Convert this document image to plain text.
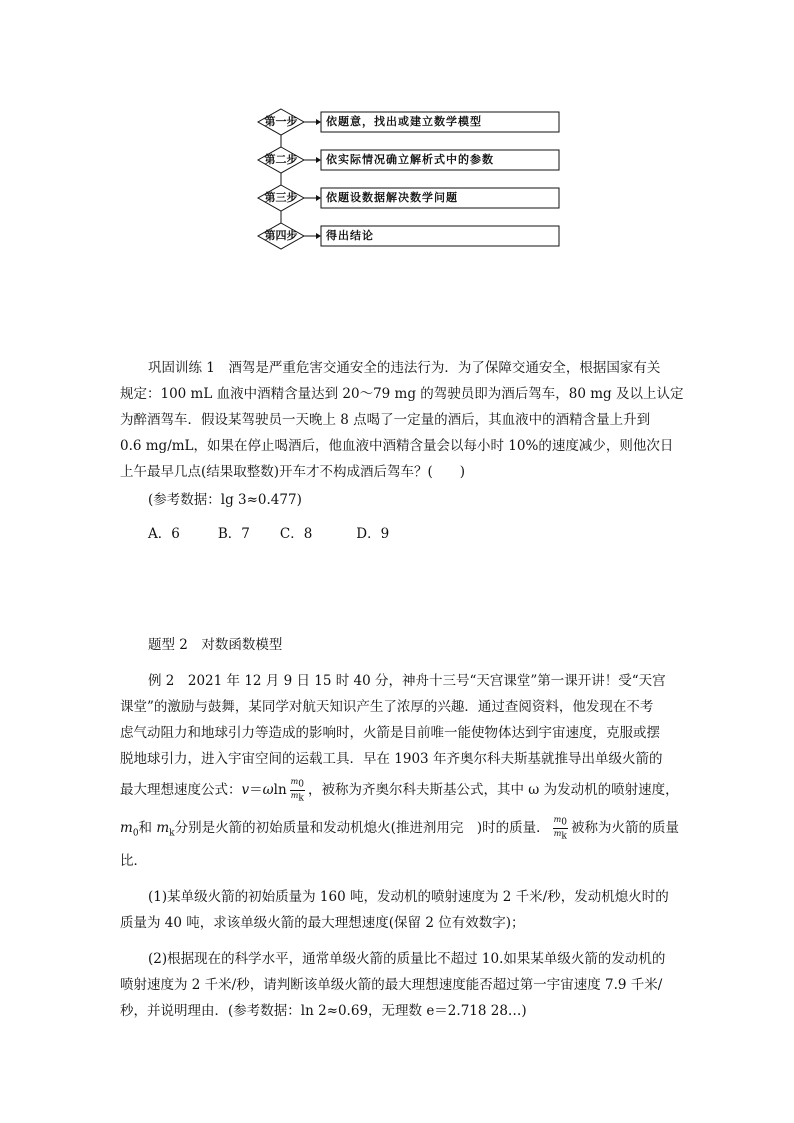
第一步	依题意，找出或建立数学模型
第二步	依实际情况确立解析式中的参数
第三步	依题设数据解决数学问题
第四步	得出结论
巩固训练 1　酒驾是严重危害交通安全的违法行为．为了保障交通安全，根据国家有关
规定：100 mL 血液中酒精含量达到 20～79 mg 的驾驶员即为酒后驾车，80 mg 及以上认定
为醉酒驾车．假设某驾驶员一天晚上 8 点喝了一定量的酒后，其血液中的酒精含量上升到
0.6 mg/mL，如果在停止喝酒后，他血液中酒精含量会以每小时 10%的速度减少，则他次日
上午最早几点(结果取整数)开车才不构成酒后驾车？(　　)
(参考数据：lg 3≈0.477)
A．6	B．7 C．8	D．9
题型 2　对数函数模型
例 2　2021 年 12 月 9 日 15 时 40 分，神舟十三号“天宫课堂”第一课开讲！受“天宫
课堂”的激励与鼓舞，某同学对航天知识产生了浓厚的兴趣．通过查阅资料，他发现在不考
虑气动阻力和地球引力等造成的影响时，火箭是目前唯一能使物体达到宇宙速度，克服或摆
脱地球引力，进入宇宙空间的运载工具．早在 1903 年齐奥尔科夫斯基就推导出单级火箭的
最大理想速度公式：$v=\omega\ln \frac{m_0}{m_k}$ ，被称为齐奥尔科夫斯基公式，其中 ω 为发动机的喷射速度，
$m_0$和 $m_k$分别是火箭的初始质量和发动机熄火(推进剂用完　)时的质量． $\frac{m_0}{m_k}$ 被称为火箭的质量
比．
(1)某单级火箭的初始质量为 160 吨，发动机的喷射速度为 2 千米/秒，发动机熄火时的
质量为 40 吨，求该单级火箭的最大理想速度(保留 2 位有效数字)；
(2)根据现在的科学水平，通常单级火箭的质量比不超过 10.如果某单级火箭的发动机的
喷射速度为 2 千米/秒，请判断该单级火箭的最大理想速度能否超过第一宇宙速度 7.9 千米/
秒，并说明理由．(参考数据：ln 2≈0.69，无理数 e＝2.718 28…)
